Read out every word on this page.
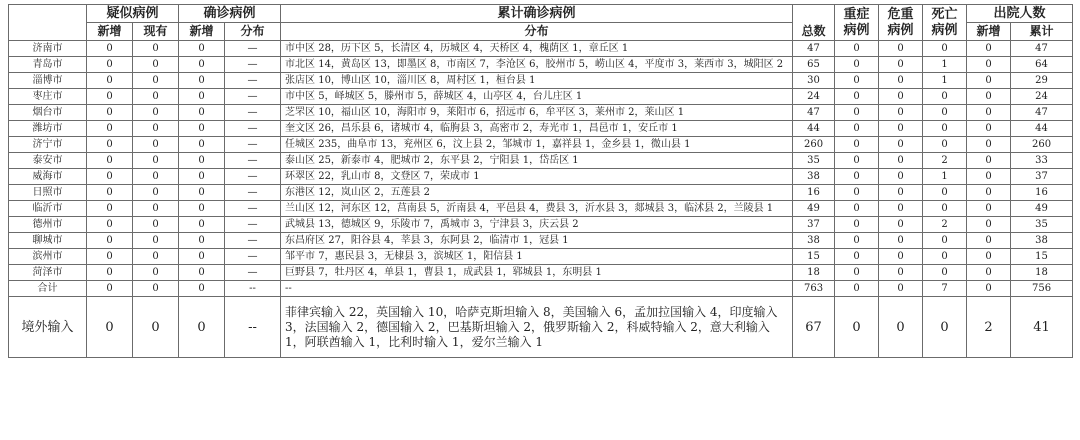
	疑似病例		确诊病例		累计确诊病例	总数	重症病例	危重病例	死亡病例	出院人数	
	新增	现有	新增	分布	分布					新增	累计
济南市	0	0	0	—	市中区 28，历下区 5，长清区 4，历城区 4，天桥区 4，槐荫区 1，章丘区 1	47	0	0	0	0	47
青岛市	0	0	0	—	市北区 14，黄岛区 13，即墨区 8，市南区 7，李沧区 6，胶州市 5，崂山区 4，平度市 3，莱西市 3，城阳区 2	65	0	0	1	0	64
淄博市	0	0	0	—	张店区 10，博山区 10，淄川区 8，周村区 1，桓台县 1	30	0	0	1	0	29
枣庄市	0	0	0	—	市中区 5，峄城区 5，滕州市 5，薛城区 4，山亭区 4，台儿庄区 1	24	0	0	0	0	24
烟台市	0	0	0	—	芝罘区 10，福山区 10，海阳市 9，莱阳市 6，招远市 6，牟平区 3，莱州市 2，莱山区 1	47	0	0	0	0	47
潍坊市	0	0	0	—	奎文区 26，昌乐县 6，诸城市 4，临朐县 3，高密市 2，寿光市 1，昌邑市 1，安丘市 1	44	0	0	0	0	44
济宁市	0	0	0	—	任城区 235，曲阜市 13，兖州区 6，汶上县 2，邹城市 1，嘉祥县 1，金乡县 1，微山县 1	260	0	0	0	0	260
泰安市	0	0	0	—	泰山区 25，新泰市 4，肥城市 2，东平县 2，宁阳县 1，岱岳区 1	35	0	0	2	0	33
威海市	0	0	0	—	环翠区 22，乳山市 8，文登区 7，荣成市 1	38	0	0	1	0	37
日照市	0	0	0	—	东港区 12，岚山区 2，五莲县 2	16	0	0	0	0	16
临沂市	0	0	0	—	兰山区 12，河东区 12，莒南县 5，沂南县 4，平邑县 4，费县 3，沂水县 3，郯城县 3，临沭县 2，兰陵县 1	49	0	0	0	0	49
德州市	0	0	0	—	武城县 13，德城区 9，乐陵市 7，禹城市 3，宁津县 3，庆云县 2	37	0	0	2	0	35
聊城市	0	0	0	—	东昌府区 27，阳谷县 4，莘县 3，东阿县 2，临清市 1，冠县 1	38	0	0	0	0	38
滨州市	0	0	0	—	邹平市 7，惠民县 3，无棣县 3，滨城区 1，阳信县 1	15	0	0	0	0	15
菏泽市	0	0	0	—	巨野县 7，牡丹区 4，单县 1，曹县 1，成武县 1，郓城县 1，东明县 1	18	0	0	0	0	18
合计	0	0	0	--	--	763	0	0	7	0	756
境外输入	0	0	0	--	菲律宾输入 22，英国输入 10，哈萨克斯坦输入 8，美国输入 6，孟加拉国输入 4，印度输入 3，法国输入 2，德国输入 2，巴基斯坦输入 2，俄罗斯输入 2，科威特输入 2，意大利输入 1，阿联酋输入 1，比利时输入 1，爱尔兰输入 1	67	0	0	0	2	41
